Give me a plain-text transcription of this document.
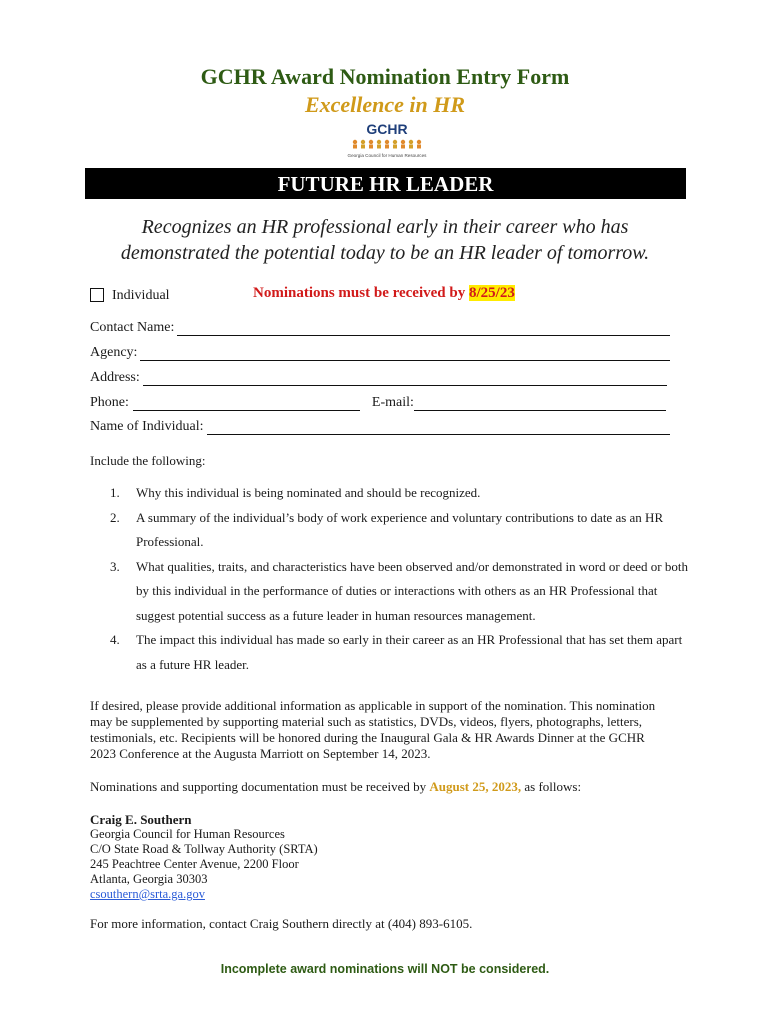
GCHR Award Nomination Entry Form
Excellence in HR
GCHR
Georgia Council for Human Resources
FUTURE HR LEADER
Recognizes an HR professional early in their career who has
demonstrated the potential today to be an HR leader of tomorrow.
Individual	Nominations must be received by 8/25/23
Contact Name:
Agency:
Address:
Phone:	E-mail:
Name of Individual:
Include the following:
1.	Why this individual is being nominated and should be recognized.
2.	A summary of the individual’s body of work experience and voluntary contributions to date as an HR Professional.
3.	What qualities, traits, and characteristics have been observed and/or demonstrated in word or deed or both by this individual in the performance of duties or interactions with others as an HR Professional that suggest potential success as a future leader in human resources management.
4.	The impact this individual has made so early in their career as an HR Professional that has set them apart as a future HR leader.
If desired, please provide additional information as applicable in support of the nomination. This nomination may be supplemented by supporting material such as statistics, DVDs, videos, flyers, photographs, letters, testimonials, etc. Recipients will be honored during the Inaugural Gala & HR Awards Dinner at the GCHR 2023 Conference at the Augusta Marriott on September 14, 2023.
Nominations and supporting documentation must be received by August 25, 2023, as follows:
Craig E. Southern
Georgia Council for Human Resources
C/O State Road & Tollway Authority (SRTA)
245 Peachtree Center Avenue, 2200 Floor
Atlanta, Georgia 30303
csouthern@srta.ga.gov
For more information, contact Craig Southern directly at (404) 893-6105.
Incomplete award nominations will NOT be considered.
